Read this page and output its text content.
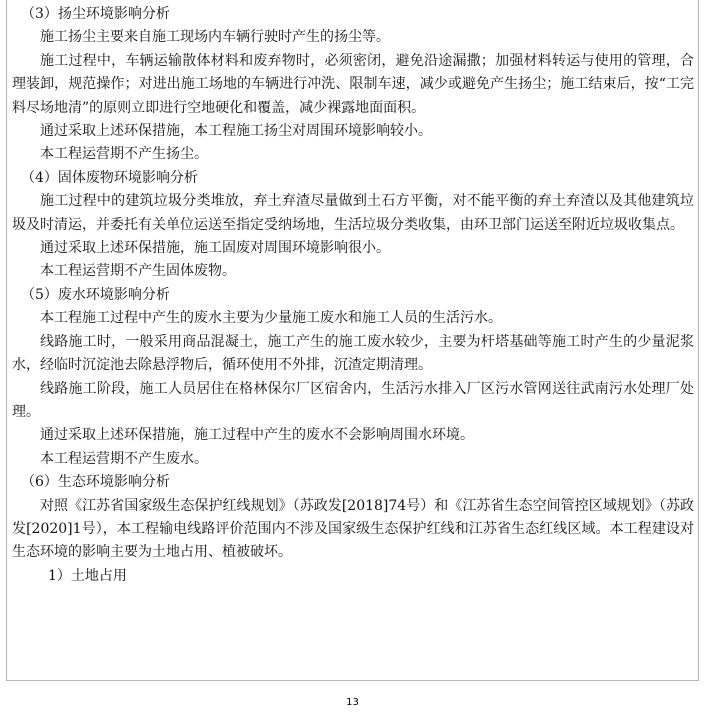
（3）扬尘环境影响分析

施工扬尘主要来自施工现场内车辆行驶时产生的扬尘等。

施工过程中，车辆运输散体材料和废弃物时，必须密闭，避免沿途漏撒；加强材料转运与使用的管理，合理装卸，规范操作；对进出施工场地的车辆进行冲洗、限制车速，减少或避免产生扬尘；施工结束后，按“工完料尽场地清”的原则立即进行空地硬化和覆盖，减少裸露地面面积。

通过采取上述环保措施，本工程施工扬尘对周围环境影响较小。

本工程运营期不产生扬尘。

（4）固体废物环境影响分析

施工过程中的建筑垃圾分类堆放，弃土弃渣尽量做到土石方平衡，对不能平衡的弃土弃渣以及其他建筑垃圾及时清运，并委托有关单位运送至指定受纳场地，生活垃圾分类收集，由环卫部门运送至附近垃圾收集点。

通过采取上述环保措施，施工固废对周围环境影响很小。

本工程运营期不产生固体废物。

（5）废水环境影响分析

本工程施工过程中产生的废水主要为少量施工废水和施工人员的生活污水。

线路施工时，一般采用商品混凝土，施工产生的施工废水较少，主要为杆塔基础等施工时产生的少量泥浆水，经临时沉淀池去除悬浮物后，循环使用不外排，沉渣定期清理。

线路施工阶段，施工人员居住在格林保尔厂区宿舍内，生活污水排入厂区污水管网送往武南污水处理厂处理。

通过采取上述环保措施，施工过程中产生的废水不会影响周围水环境。

本工程运营期不产生废水。

（6）生态环境影响分析

对照《江苏省国家级生态保护红线规划》（苏政发[2018]74号）和《江苏省生态空间管控区域规划》（苏政发[2020]1号），本工程输电线路评价范围内不涉及国家级生态保护红线和江苏省生态红线区域。本工程建设对生态环境的影响主要为土地占用、植被破坏。

1）土地占用

13
